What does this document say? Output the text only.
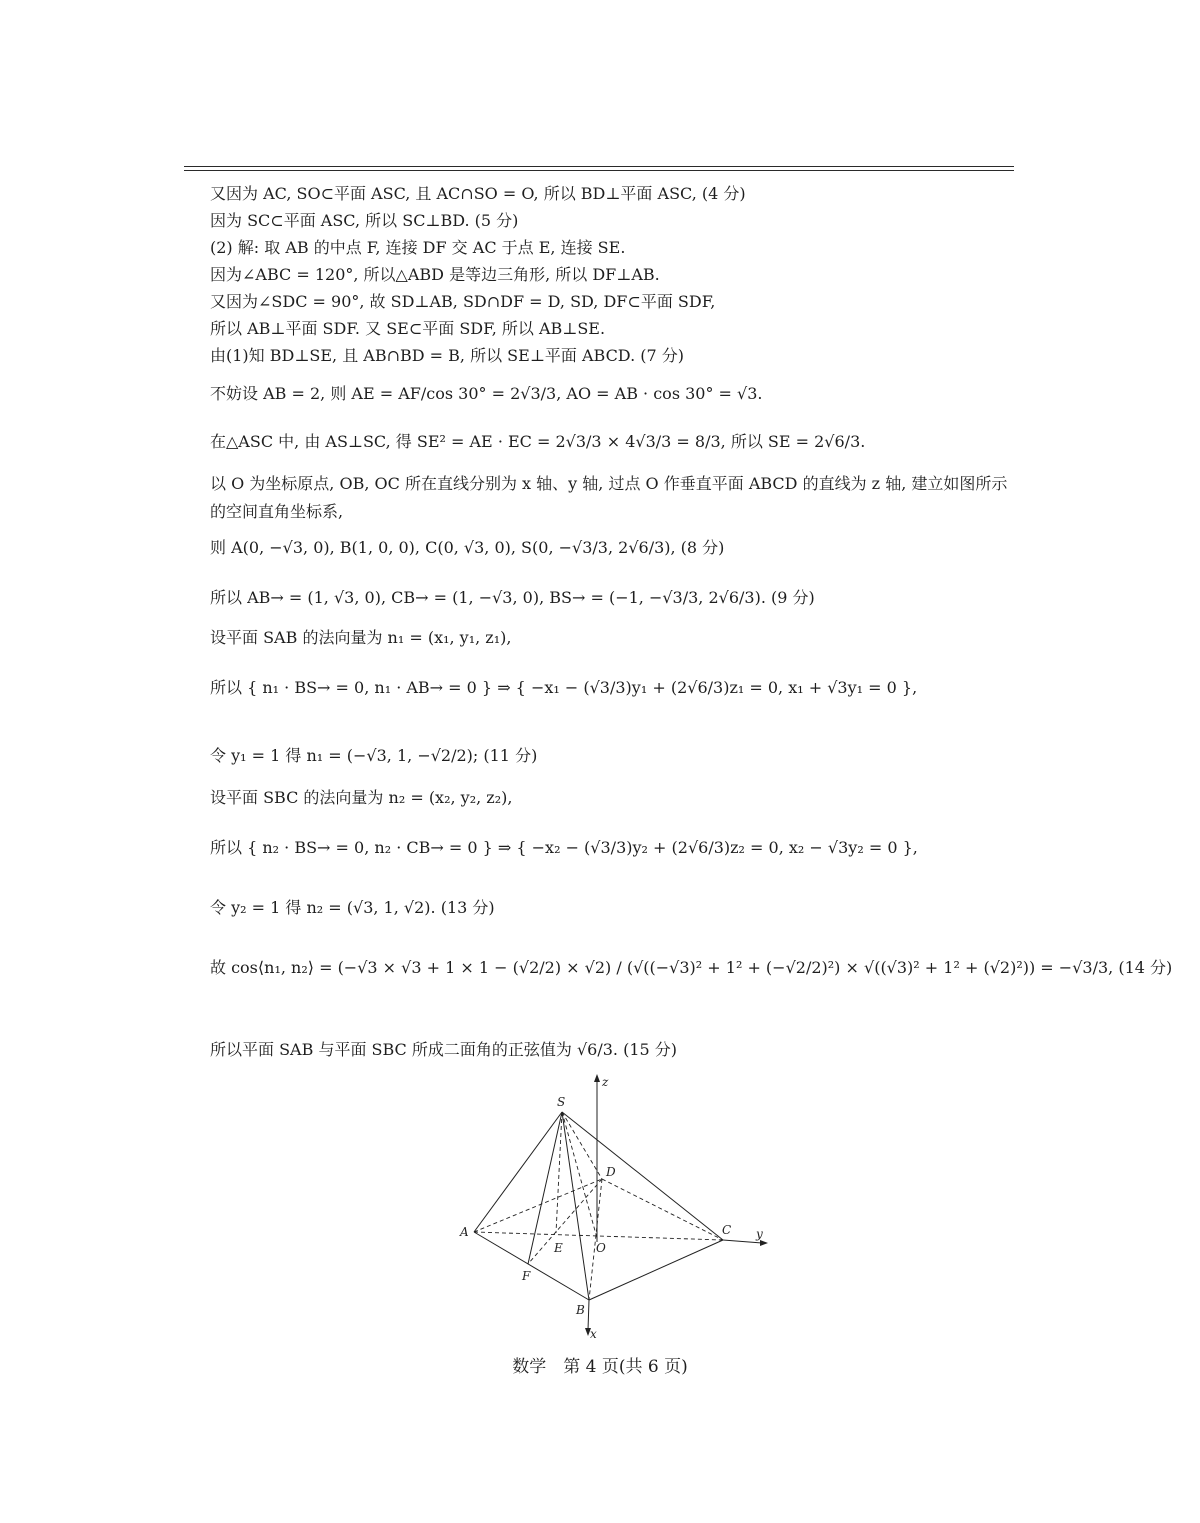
又因为 AC, SO⊂平面 ASC, 且 AC∩SO = O, 所以 BD⊥平面 ASC, (4 分)
因为 SC⊂平面 ASC, 所以 SC⊥BD. (5 分)
(2) 解: 取 AB 的中点 F, 连接 DF 交 AC 于点 E, 连接 SE.
因为∠ABC = 120°, 所以△ABD 是等边三角形, 所以 DF⊥AB.
又因为∠SDC = 90°, 故 SD⊥AB, SD∩DF = D, SD, DF⊂平面 SDF,
所以 AB⊥平面 SDF. 又 SE⊂平面 SDF, 所以 AB⊥SE.
由(1)知 BD⊥SE, 且 AB∩BD = B, 所以 SE⊥平面 ABCD. (7 分)
不妨设 AB = 2, 则 AE = AF/cos 30° = 2√3/3, AO = AB · cos 30° = √3.
在△ASC 中, 由 AS⊥SC, 得 SE² = AE · EC = 2√3/3 × 4√3/3 = 8/3, 所以 SE = 2√6/3.
以 O 为坐标原点, OB, OC 所在直线分别为 x 轴、y 轴, 过点 O 作垂直平面 ABCD 的直线为 z 轴, 建立如图所示的空间直角坐标系,
则 A(0, −√3, 0), B(1, 0, 0), C(0, √3, 0), S(0, −√3/3, 2√6/3), (8 分)
所以 AB→ = (1, √3, 0), CB→ = (1, −√3, 0), BS→ = (−1, −√3/3, 2√6/3). (9 分)
设平面 SAB 的法向量为 n₁ = (x₁, y₁, z₁),
所以 { n₁ · BS→ = 0, n₁ · AB→ = 0 } ⇒ { −x₁ − (√3/3)y₁ + (2√6/3)z₁ = 0, x₁ + √3y₁ = 0 },
令 y₁ = 1 得 n₁ = (−√3, 1, −√2/2); (11 分)
设平面 SBC 的法向量为 n₂ = (x₂, y₂, z₂),
所以 { n₂ · BS→ = 0, n₂ · CB→ = 0 } ⇒ { −x₂ − (√3/3)y₂ + (2√6/3)z₂ = 0, x₂ − √3y₂ = 0 },
令 y₂ = 1 得 n₂ = (√3, 1, √2). (13 分)
故 cos⟨n₁, n₂⟩ = (−√3 × √3 + 1 × 1 − (√2/2) × √2) / (√((−√3)² + 1² + (−√2/2)²) × √((√3)² + 1² + (√2)²)) = −√3/3, (14 分)
所以平面 SAB 与平面 SBC 所成二面角的正弦值为 √6/3. (15 分)
S
D
A
E	O
C
F
B
x
y
z
数学　第 4 页(共 6 页)
